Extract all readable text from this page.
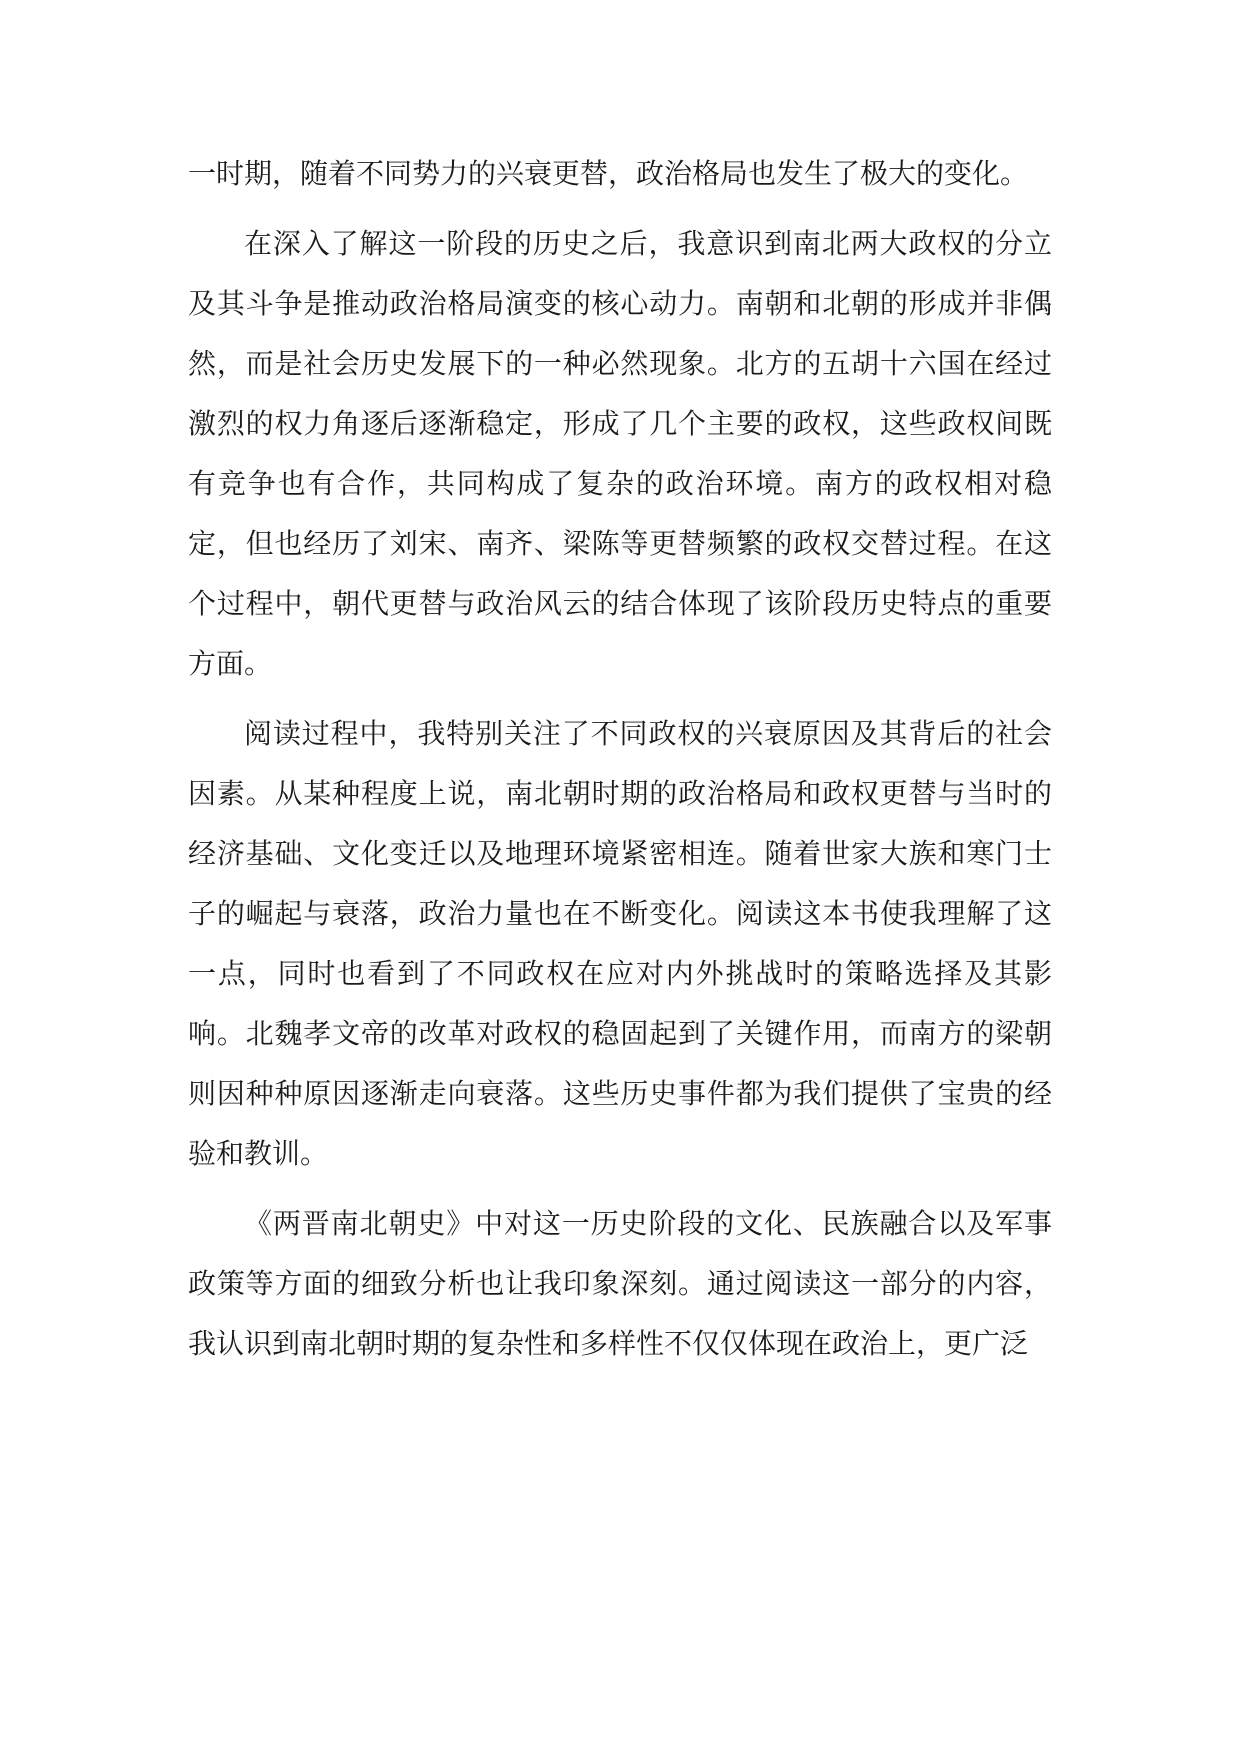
一时期，随着不同势力的兴衰更替，政治格局也发生了极大的变化。

在深入了解这一阶段的历史之后，我意识到南北两大政权的分立及其斗争是推动政治格局演变的核心动力。南朝和北朝的形成并非偶然，而是社会历史发展下的一种必然现象。北方的五胡十六国在经过激烈的权力角逐后逐渐稳定，形成了几个主要的政权，这些政权间既有竞争也有合作，共同构成了复杂的政治环境。南方的政权相对稳定，但也经历了刘宋、南齐、梁陈等更替频繁的政权交替过程。在这个过程中，朝代更替与政治风云的结合体现了该阶段历史特点的重要方面。

阅读过程中，我特别关注了不同政权的兴衰原因及其背后的社会因素。从某种程度上说，南北朝时期的政治格局和政权更替与当时的经济基础、文化变迁以及地理环境紧密相连。随着世家大族和寒门士子的崛起与衰落，政治力量也在不断变化。阅读这本书使我理解了这一点，同时也看到了不同政权在应对内外挑战时的策略选择及其影响。北魏孝文帝的改革对政权的稳固起到了关键作用，而南方的梁朝则因种种原因逐渐走向衰落。这些历史事件都为我们提供了宝贵的经验和教训。

《两晋南北朝史》中对这一历史阶段的文化、民族融合以及军事政策等方面的细致分析也让我印象深刻。通过阅读这一部分的内容，我认识到南北朝时期的复杂性和多样性不仅仅体现在政治上，更广泛
